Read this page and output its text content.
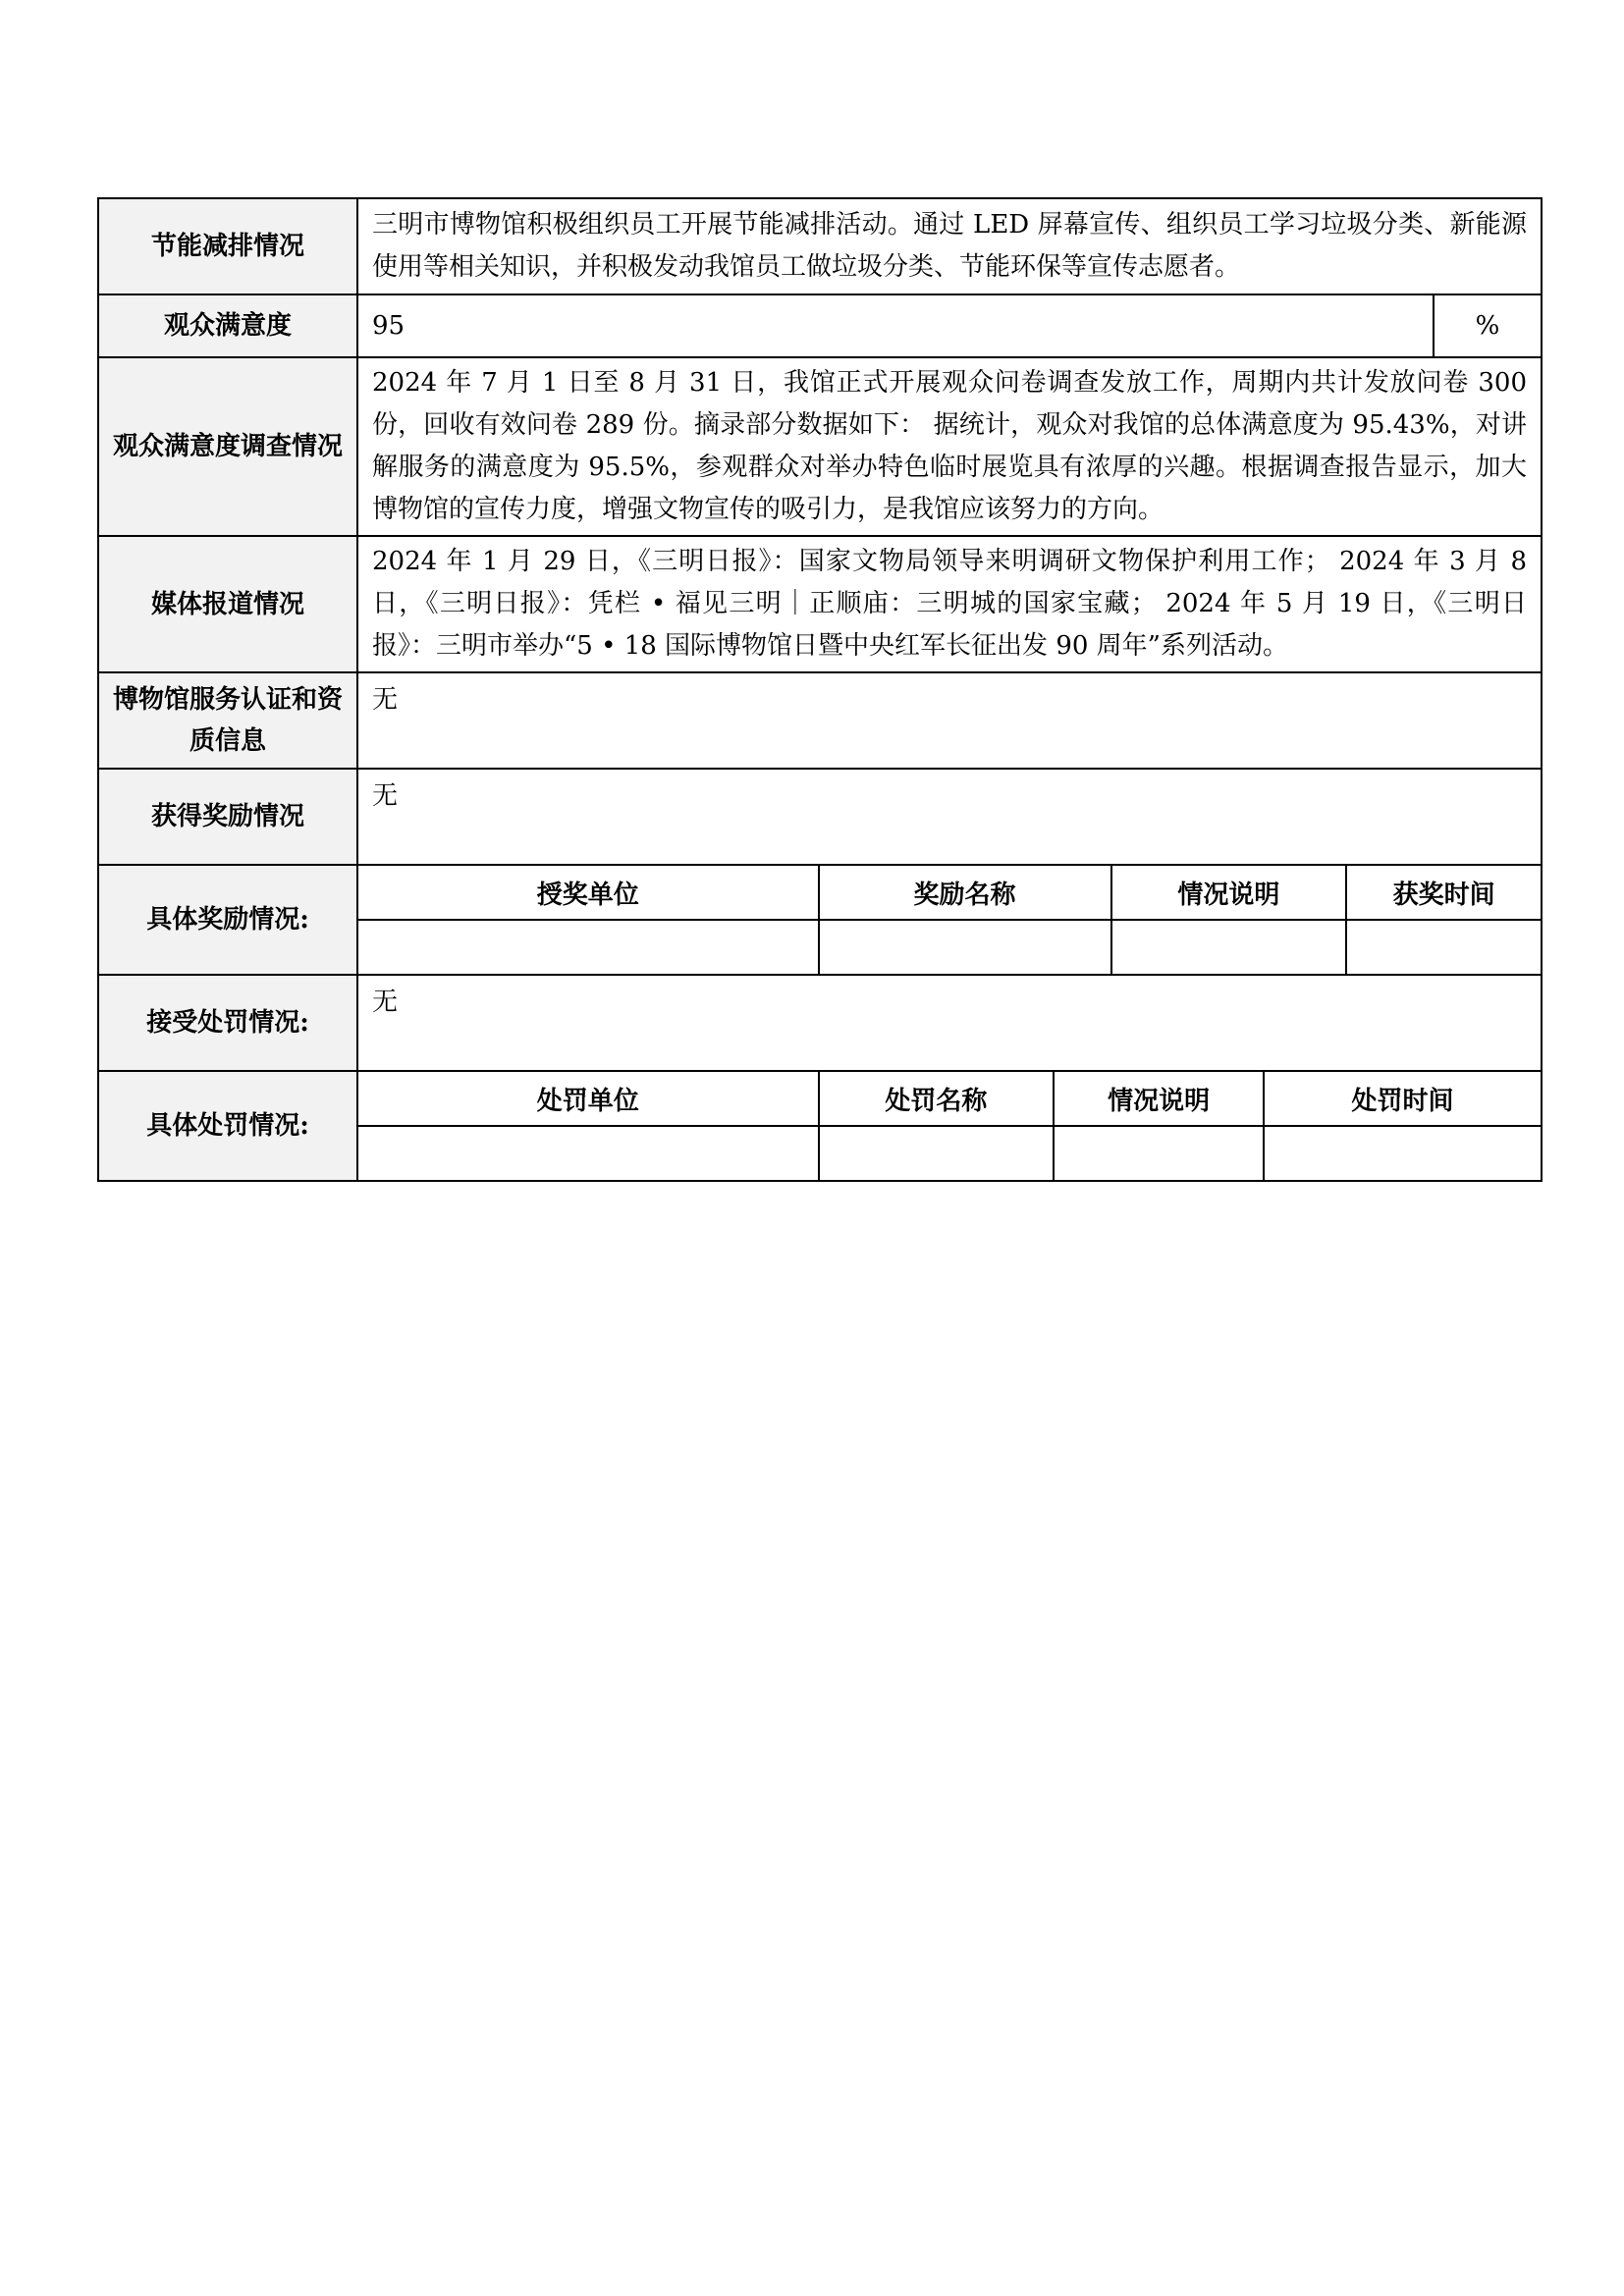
节能减排情况	三明市博物馆积极组织员工开展节能减排活动。通过 LED 屏幕宣传、组织员工学习垃圾分类、新能源使用等相关知识，并积极发动我馆员工做垃圾分类、节能环保等宣传志愿者。
观众满意度	95	%
观众满意度调查情况	2024 年 7 月 1 日至 8 月 31 日，我馆正式开展观众问卷调查发放工作，周期内共计发放问卷 300 份，回收有效问卷 289 份。摘录部分数据如下： 据统计，观众对我馆的总体满意度为 95.43%，对讲解服务的满意度为 95.5%，参观群众对举办特色临时展览具有浓厚的兴趣。根据调查报告显示，加大博物馆的宣传力度，增强文物宣传的吸引力，是我馆应该努力的方向。
媒体报道情况	2024 年 1 月 29 日，《三明日报》：国家文物局领导来明调研文物保护利用工作； 2024 年 3 月 8 日，《三明日报》：凭栏 • 福见三明｜正顺庙：三明城的国家宝藏； 2024 年 5 月 19 日，《三明日报》：三明市举办“5 • 18 国际博物馆日暨中央红军长征出发 90 周年”系列活动。
博物馆服务认证和资质信息	无
获得奖励情况	无
具体奖励情况:	
授奖单位	奖励名称	情况说明	获奖时间

接受处罚情况:	无
具体处罚情况:	
处罚单位	处罚名称	情况说明	处罚时间
